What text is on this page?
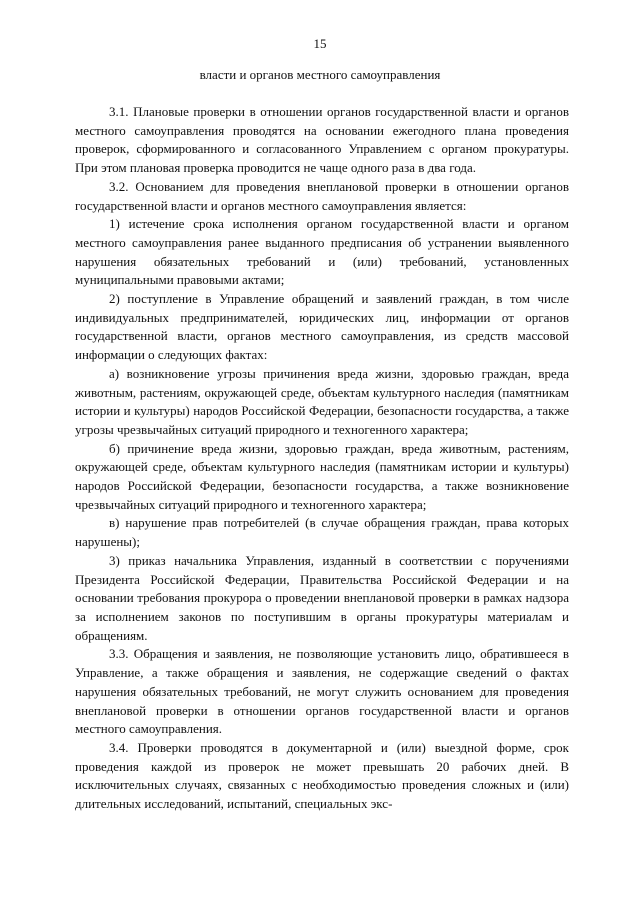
15
власти и органов местного самоуправления

3.1. Плановые проверки в отношении органов государственной власти и органов местного самоуправления проводятся на основании ежегодного плана проведения проверок, сформированного и согласованного Управлением с органом прокуратуры. При этом плановая проверка проводится не чаще одного раза в два года.

3.2. Основанием для проведения внеплановой проверки в отношении органов государственной власти и органов местного самоуправления является:

1) истечение срока исполнения органом государственной власти и органом местного самоуправления ранее выданного предписания об устранении выявленного нарушения обязательных требований и (или) требований, установленных муниципальными правовыми актами;

2) поступление в Управление обращений и заявлений граждан, в том числе индивидуальных предпринимателей, юридических лиц, информации от органов государственной власти, органов местного самоуправления, из средств массовой информации о следующих фактах:

а) возникновение угрозы причинения вреда жизни, здоровью граждан, вреда животным, растениям, окружающей среде, объектам культурного наследия (памятникам истории и культуры) народов Российской Федерации, безопасности государства, а также угрозы чрезвычайных ситуаций природного и техногенного характера;

б) причинение вреда жизни, здоровью граждан, вреда животным, растениям, окружающей среде, объектам культурного наследия (памятникам истории и культуры) народов Российской Федерации, безопасности государства, а также возникновение чрезвычайных ситуаций природного и техногенного характера;

в) нарушение прав потребителей (в случае обращения граждан, права которых нарушены);

3) приказ начальника Управления, изданный в соответствии с поручениями Президента Российской Федерации, Правительства Российской Федерации и на основании требования прокурора о проведении внеплановой проверки в рамках надзора за исполнением законов по поступившим в органы прокуратуры материалам и обращениям.

3.3. Обращения и заявления, не позволяющие установить лицо, обратившееся в Управление, а также обращения и заявления, не содержащие сведений о фактах нарушения обязательных требований, не могут служить основанием для проведения внеплановой проверки в отношении органов государственной власти и органов местного самоуправления.

3.4. Проверки проводятся в документарной и (или) выездной форме, срок проведения каждой из проверок не может превышать 20 рабочих дней. В исключительных случаях, связанных с необходимостью проведения сложных и (или) длительных исследований, испытаний, специальных экс-
